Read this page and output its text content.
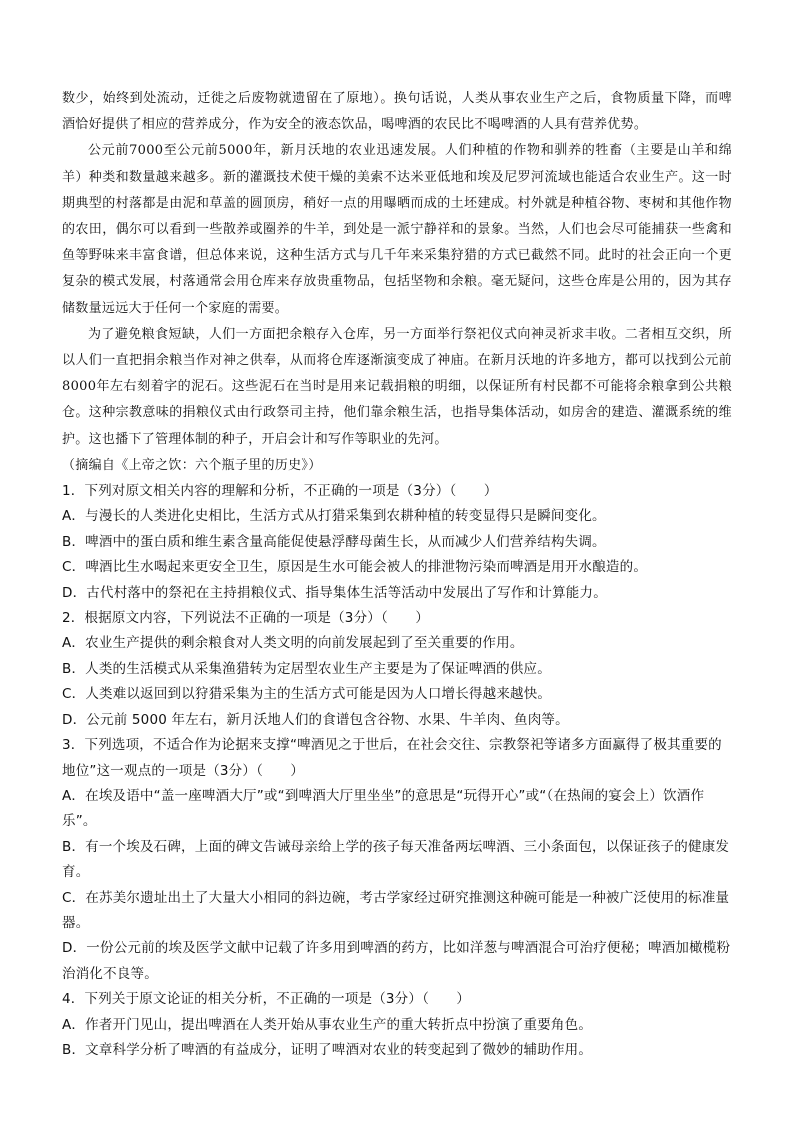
数少，始终到处流动，迁徙之后废物就遗留在了原地）。换句话说，人类从事农业生产之后，食物质量下降，而啤酒恰好提供了相应的营养成分，作为安全的液态饮品，喝啤酒的农民比不喝啤酒的人具有营养优势。

公元前7000至公元前5000年，新月沃地的农业迅速发展。人们种植的作物和驯养的牲畜（主要是山羊和绵羊）种类和数量越来越多。新的灌溉技术使干燥的美索不达米亚低地和埃及尼罗河流域也能适合农业生产。这一时期典型的村落都是由泥和草盖的圆顶房，稍好一点的用曝晒而成的土坯建成。村外就是种植谷物、枣树和其他作物的农田，偶尔可以看到一些散养或圈养的牛羊，到处是一派宁静祥和的景象。当然，人们也会尽可能捕获一些禽和鱼等野味来丰富食谱，但总体来说，这种生活方式与几千年来采集狩猎的方式已截然不同。此时的社会正向一个更复杂的模式发展，村落通常会用仓库来存放贵重物品，包括坚物和余粮。毫无疑问，这些仓库是公用的，因为其存储数量远远大于任何一个家庭的需要。

为了避免粮食短缺，人们一方面把余粮存入仓库，另一方面举行祭祀仪式向神灵祈求丰收。二者相互交织，所以人们一直把捐余粮当作对神之供奉，从而将仓库逐渐演变成了神庙。在新月沃地的许多地方，都可以找到公元前8000年左右刻着字的泥石。这些泥石在当时是用来记载捐粮的明细，以保证所有村民都不可能将余粮拿到公共粮仓。这种宗教意味的捐粮仪式由行政祭司主持，他们靠余粮生活，也指导集体活动，如房舍的建造、灌溉系统的维护。这也播下了管理体制的种子，开启会计和写作等职业的先河。

（摘编自《上帝之饮：六个瓶子里的历史》）

1．下列对原文相关内容的理解和分析，不正确的一项是（3分）（　　）
A．与漫长的人类进化史相比，生活方式从打猎采集到农耕种植的转变显得只是瞬间变化。
B．啤酒中的蛋白质和维生素含量高能促使悬浮酵母菌生长，从而减少人们营养结构失调。
C．啤酒比生水喝起来更安全卫生，原因是生水可能会被人的排泄物污染而啤酒是用开水酿造的。
D．古代村落中的祭祀在主持捐粮仪式、指导集体生活等活动中发展出了写作和计算能力。
2．根据原文内容，下列说法不正确的一项是（3分）（　　）
A．农业生产提供的剩余粮食对人类文明的向前发展起到了至关重要的作用。
B．人类的生活模式从采集渔猎转为定居型农业生产主要是为了保证啤酒的供应。
C．人类难以返回到以狩猎采集为主的生活方式可能是因为人口增长得越来越快。
D．公元前 5000 年左右，新月沃地人们的食谱包含谷物、水果、牛羊肉、鱼肉等。
3．下列选项，不适合作为论据来支撑“啤酒见之于世后，在社会交往、宗教祭祀等诸多方面赢得了极其重要的地位”这一观点的一项是（3分）（　　）
A．在埃及语中“盖一座啤酒大厅”或“到啤酒大厅里坐坐”的意思是“玩得开心”或“（在热闹的宴会上）饮酒作乐”。
B．有一个埃及石碑，上面的碑文告诫母亲给上学的孩子每天准备两坛啤酒、三小条面包，以保证孩子的健康发育。
C．在苏美尔遗址出土了大量大小相同的斜边碗，考古学家经过研究推测这种碗可能是一种被广泛使用的标准量器。
D．一份公元前的埃及医学文献中记载了许多用到啤酒的药方，比如洋葱与啤酒混合可治疗便秘；啤酒加橄榄粉治消化不良等。
4．下列关于原文论证的相关分析，不正确的一项是（3分）（　　）
A．作者开门见山，提出啤酒在人类开始从事农业生产的重大转折点中扮演了重要角色。
B．文章科学分析了啤酒的有益成分，证明了啤酒对农业的转变起到了微妙的辅助作用。
